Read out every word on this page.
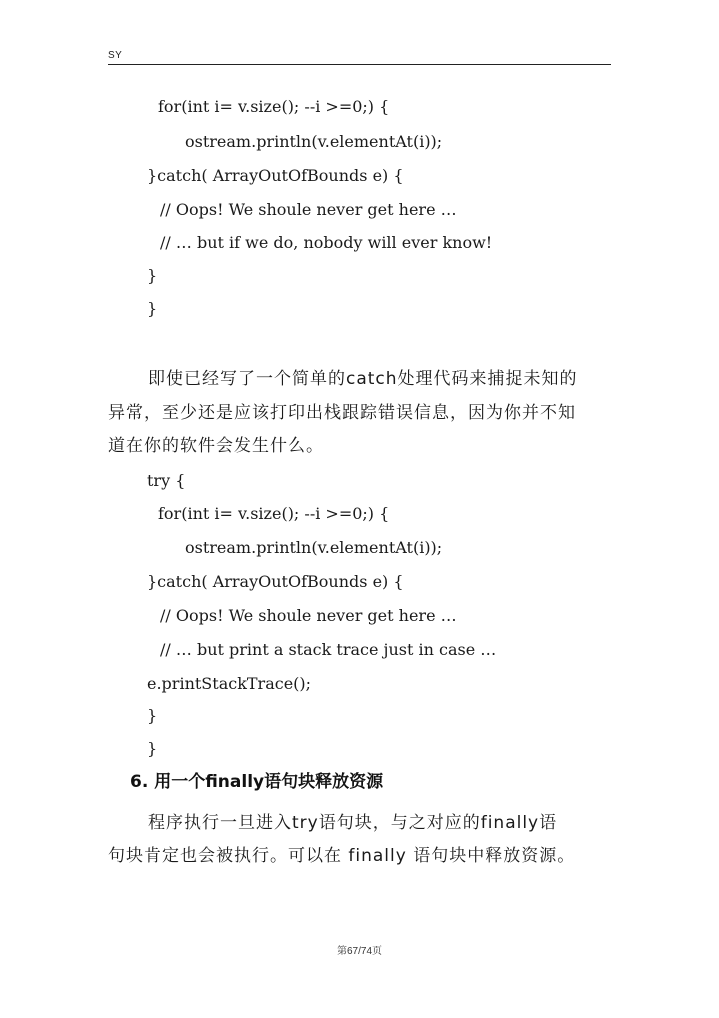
SY
for(int i= v.size(); --i >=0;) {
ostream.println(v.elementAt(i));
}catch( ArrayOutOfBounds e) {
// Oops! We shoule never get here …
// … but if we do, nobody will ever know!
}
}
即使已经写了一个简单的catch处理代码来捕捉未知的
异常，至少还是应该打印出栈跟踪错误信息，因为你并不知
道在你的软件会发生什么。
try {
for(int i= v.size(); --i >=0;) {
ostream.println(v.elementAt(i));
}catch( ArrayOutOfBounds e) {
// Oops! We shoule never get here …
// … but print a stack trace just in case …
e.printStackTrace();
}
}
6. 用一个finally语句块释放资源
程序执行一旦进入try语句块，与之对应的finally语
句块肯定也会被执行。可以在 finally 语句块中释放资源。
第67/74页
